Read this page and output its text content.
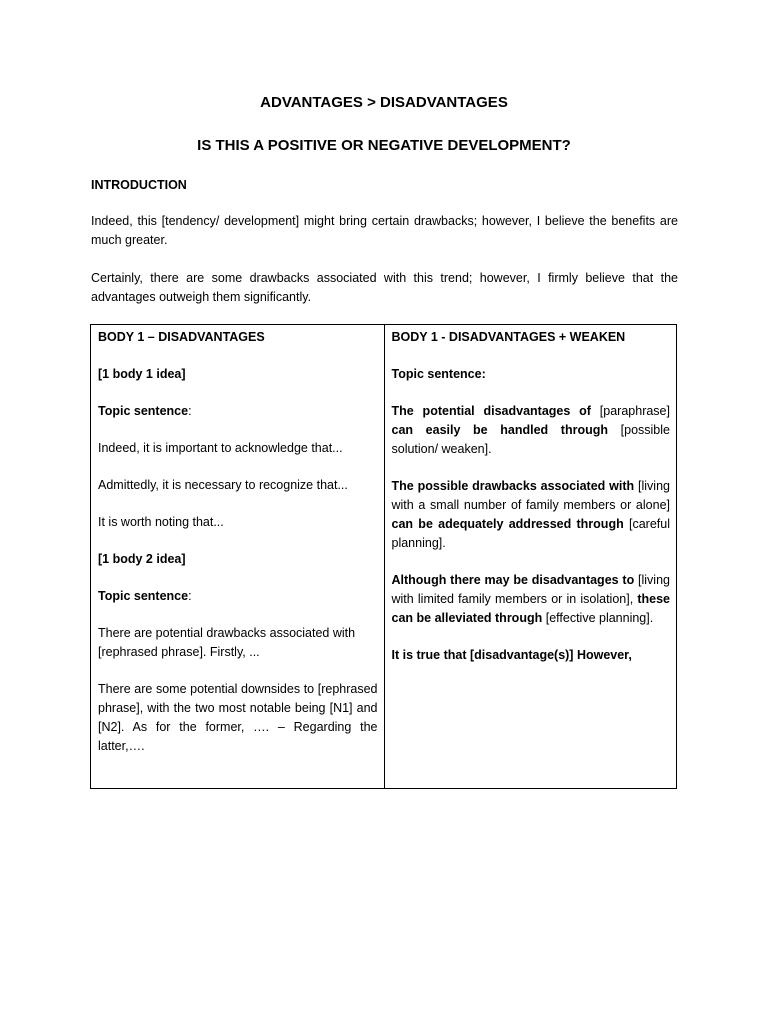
ADVANTAGES > DISADVANTAGES
IS THIS A POSITIVE OR NEGATIVE DEVELOPMENT?
INTRODUCTION

Indeed, this [tendency/ development] might bring certain drawbacks; however, I believe the benefits are much greater.

Certainly, there are some drawbacks associated with this trend; however, I firmly believe that the advantages outweigh them significantly.

BODY 1 – DISADVANTAGES

[1 body 1 idea]

Topic sentence:

Indeed, it is important to acknowledge that...

Admittedly, it is necessary to recognize that...

It is worth noting that...

[1 body 2 idea]

Topic sentence:

There are potential drawbacks associated with [rephrased phrase]. Firstly, ...

There are some potential downsides to [rephrased phrase], with the two most notable being [N1] and [N2]. As for the former, …. – Regarding the latter,….

BODY 1 - DISADVANTAGES + WEAKEN

Topic sentence:

The potential disadvantages of [paraphrase] can easily be handled through [possible solution/ weaken].

The possible drawbacks associated with [living with a small number of family members or alone] can be adequately addressed through [careful planning].

Although there may be disadvantages to [living with limited family members or in isolation], these can be alleviated through [effective planning].

It is true that [disadvantage(s)] However,
